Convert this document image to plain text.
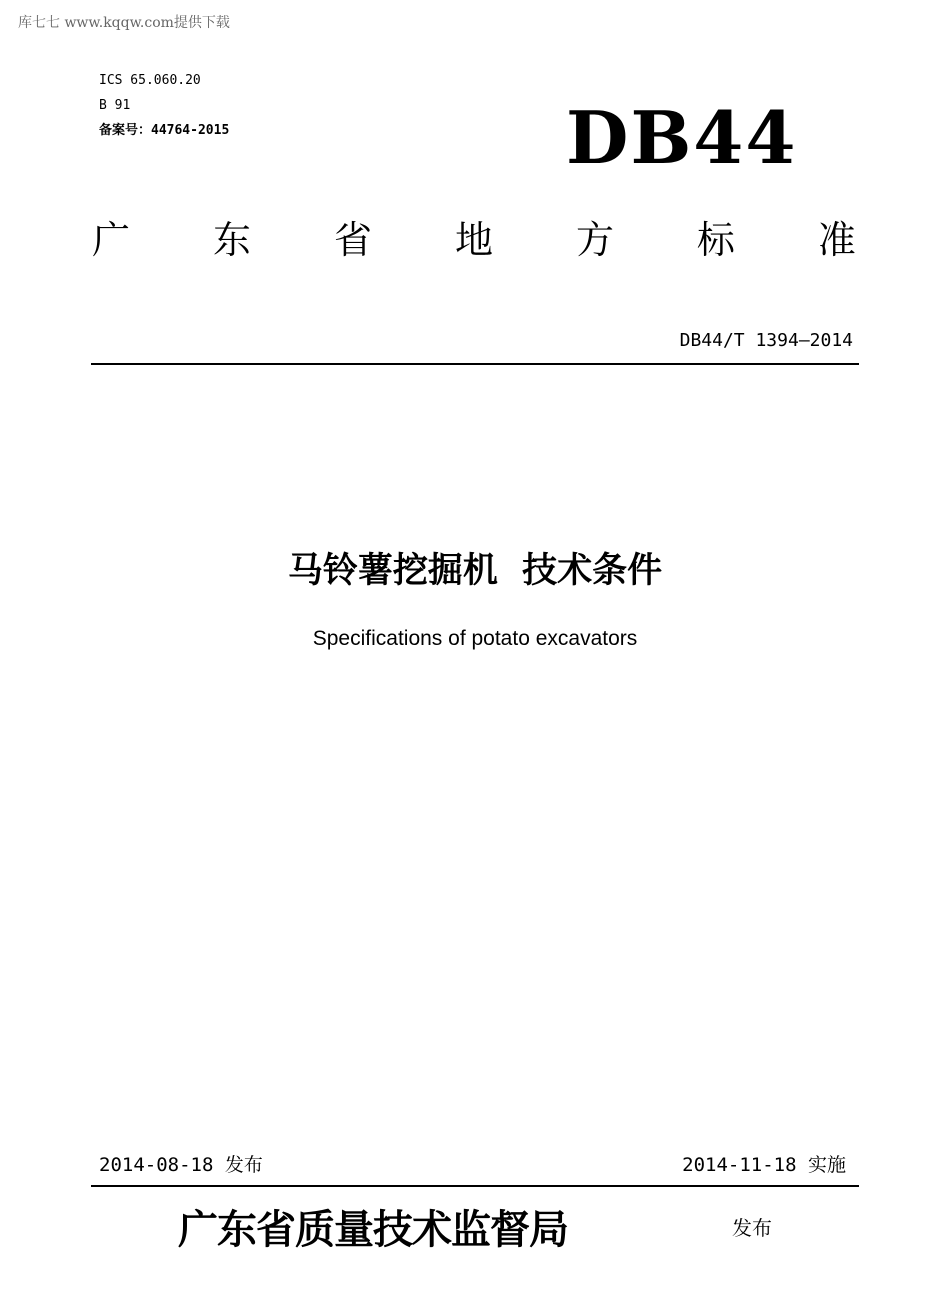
库七七 www.kqqw.com提供下载
ICS 65.060.20
B 91
备案号：44764-2015	DB44
广 东 省 地 方 标 准
DB44/T 1394—2014
马铃薯挖掘机  技术条件
Specifications of potato excavators
2014-08-18 发布	2014-11-18 实施
广东省质量技术监督局	发布
